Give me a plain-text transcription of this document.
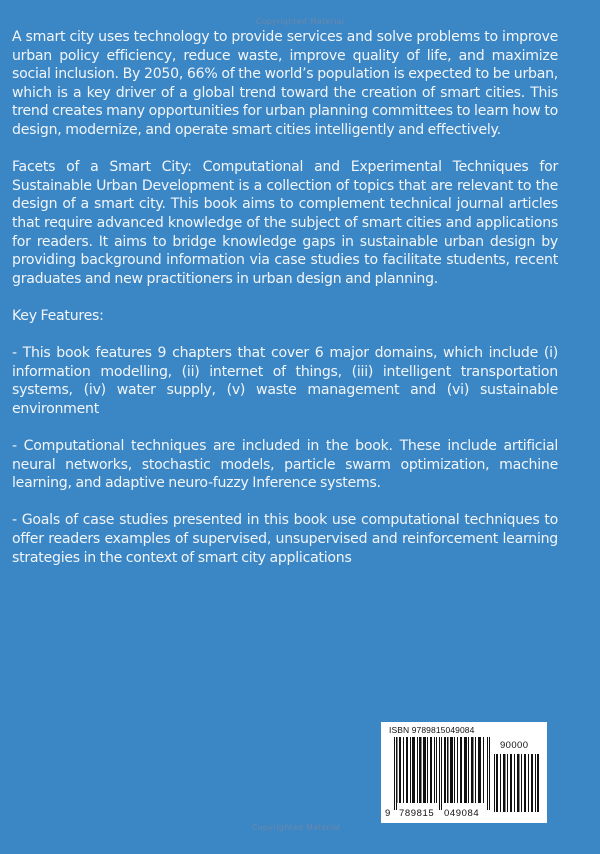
Copyrighted Material

A smart city uses technology to provide services and solve problems to improve urban policy efficiency, reduce waste, improve quality of life, and maximize social inclusion. By 2050, 66% of the world’s population is expected to be urban, which is a key driver of a global trend toward the creation of smart cities. This trend creates many opportunities for urban planning committees to learn how to design, modernize, and operate smart cities intelligently and effectively.

Facets of a Smart City: Computational and Experimental Techniques for Sustainable Urban Development is a collection of topics that are relevant to the design of a smart city. This book aims to complement technical journal articles that require advanced knowledge of the subject of smart cities and applications for readers. It aims to bridge knowledge gaps in sustainable urban design by providing background information via case studies to facilitate students, recent graduates and new practitioners in urban design and planning.

Key Features:

- This book features 9 chapters that cover 6 major domains, which include (i) information modelling, (ii) internet of things, (iii) intelligent transportation systems, (iv) water supply, (v) waste management and (vi) sustainable environment

- Computational techniques are included in the book. These include artificial neural networks, stochastic models, particle swarm optimization, machine learning, and adaptive neuro-fuzzy Inference systems.

- Goals of case studies presented in this book use computational techniques to offer readers examples of supervised, unsupervised and reinforcement learning strategies in the context of smart city applications

ISBN 9789815049084
90000
9 789815 049084
Copyrighted Material
